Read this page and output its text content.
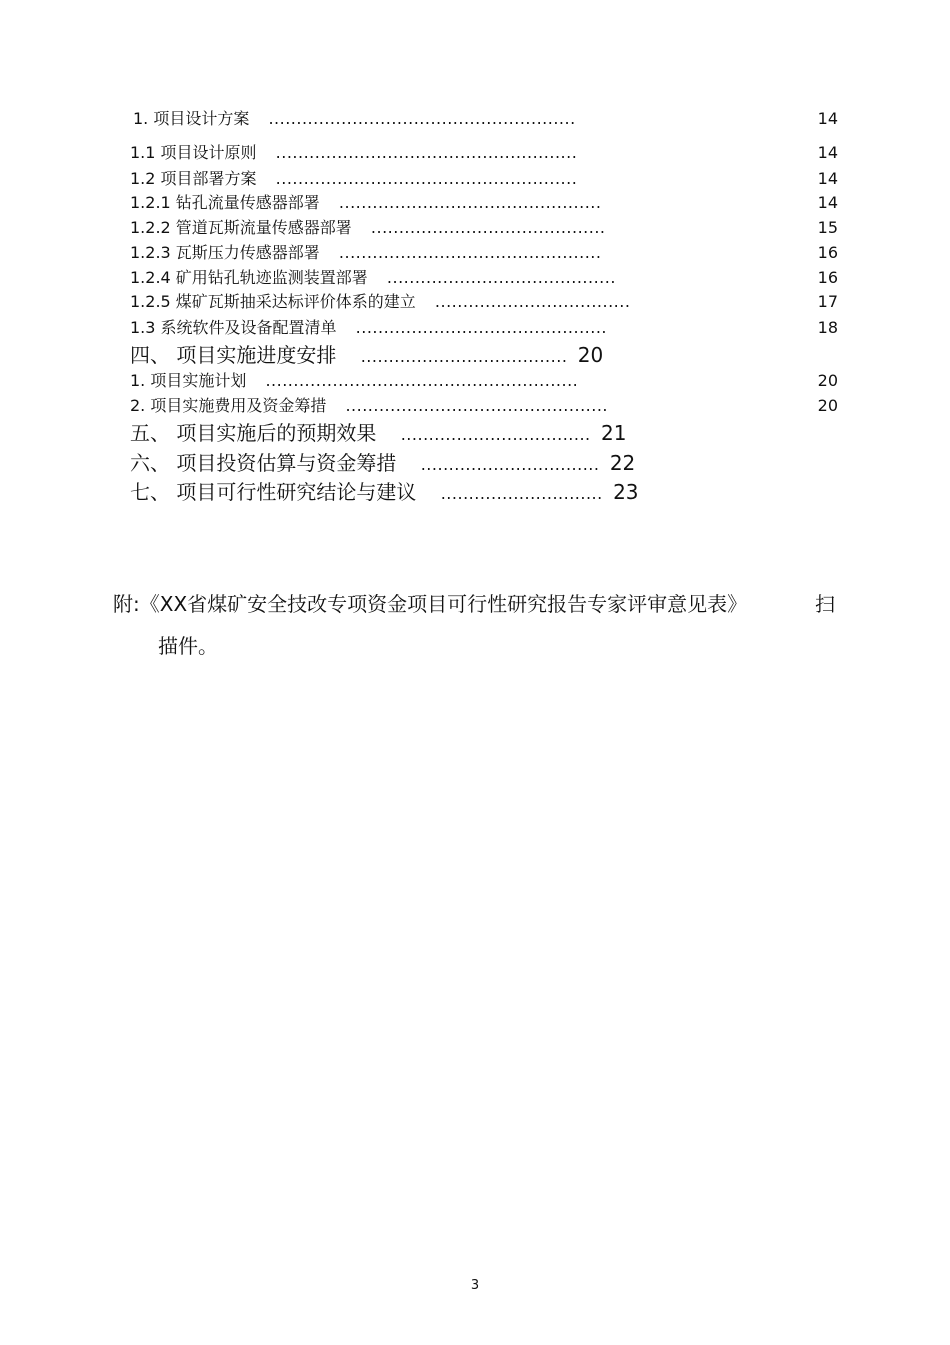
1. 项目设计方案 .......................................................	14
1.1 项目设计原则 ......................................................	14
1.2 项目部署方案 ......................................................	14
1.2.1 钻孔流量传感器部署 ...............................................	14
1.2.2 管道瓦斯流量传感器部署 ..........................................	15
1.2.3 瓦斯压力传感器部署 ...............................................	16
1.2.4 矿用钻孔轨迹监测装置部署 .........................................	16
1.2.5 煤矿瓦斯抽采达标评价体系的建立 ...................................	17
1.3 系统软件及设备配置清单 .............................................	18
四、 项目实施进度安排 ..................................... 20
1. 项目实施计划 ........................................................	20
2. 项目实施费用及资金筹措 ...............................................	20
五、 项目实施后的预期效果 .................................. 21
六、 项目投资估算与资金筹措 ................................ 22
七、 项目可行性研究结论与建议 ............................. 23
附:《XX省煤矿安全技改专项资金项目可行性研究报告专家评审意见表》	扫
描件。
3
